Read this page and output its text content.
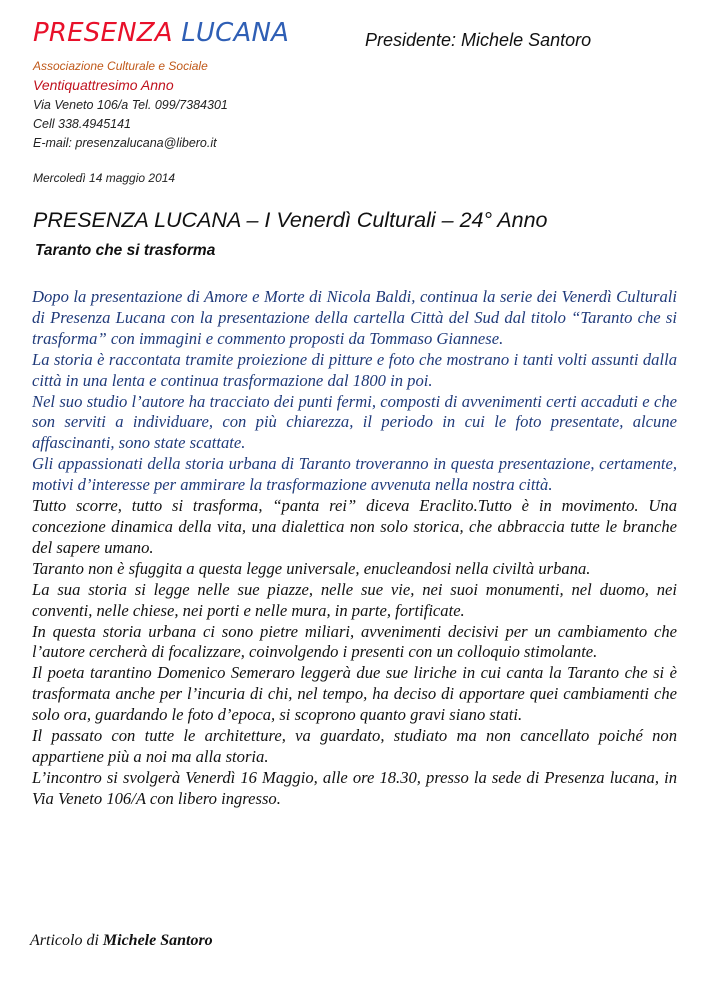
PRESENZA LUCANA	Presidente: Michele Santoro
Associazione Culturale e Sociale
Ventiquattresimo Anno
Via Veneto 106/a Tel. 099/7384301
Cell 338.4945141
E-mail: presenzalucana@libero.it
Mercoledì 14 maggio 2014
PRESENZA LUCANA – I Venerdì Culturali – 24° Anno
Taranto che si trasforma

Dopo la presentazione di Amore e Morte di Nicola Baldi, continua la serie dei Venerdì Culturali di Presenza Lucana con la presentazione della cartella Città del Sud dal titolo “Taranto che si trasforma” con immagini e commento proposti da Tommaso Giannese.

La storia è raccontata tramite proiezione di pitture e foto che mostrano i tanti volti assunti dalla città in una lenta e continua trasformazione dal 1800 in poi.

Nel suo studio l’autore ha tracciato dei punti fermi, composti di avvenimenti certi accaduti e che son serviti a individuare, con più chiarezza, il periodo in cui le foto presentate, alcune affascinanti, sono state scattate.

Gli appassionati della storia urbana di Taranto troveranno in questa presentazione, certamente, motivi d’interesse per ammirare la trasformazione avvenuta nella nostra città.

Tutto scorre, tutto si trasforma, “panta rei” diceva Eraclito.Tutto è in movimento. Una concezione dinamica della vita, una dialettica non solo storica, che abbraccia tutte le branche del sapere umano.

Taranto non è sfuggita a questa legge universale, enucleandosi nella civiltà urbana.

La sua storia si legge nelle sue piazze, nelle sue vie, nei suoi monumenti, nel duomo, nei conventi, nelle chiese, nei porti e nelle mura, in parte, fortificate.

In questa storia urbana ci sono pietre miliari, avvenimenti decisivi per un cambiamento che l’autore cercherà di focalizzare, coinvolgendo i presenti con un colloquio stimolante.

Il poeta tarantino Domenico Semeraro leggerà due sue liriche in cui canta la Taranto che si è trasformata anche per l’incuria di chi, nel tempo, ha deciso di apportare quei cambiamenti che solo ora, guardando le foto d’epoca, si scoprono quanto gravi siano stati.

Il passato con tutte le architetture, va guardato, studiato ma non cancellato poiché non appartiene più a noi ma alla storia.

L’incontro si svolgerà Venerdì 16 Maggio, alle ore 18.30, presso la sede di Presenza lucana, in Via Veneto 106/A con libero ingresso.

Articolo di Michele Santoro
